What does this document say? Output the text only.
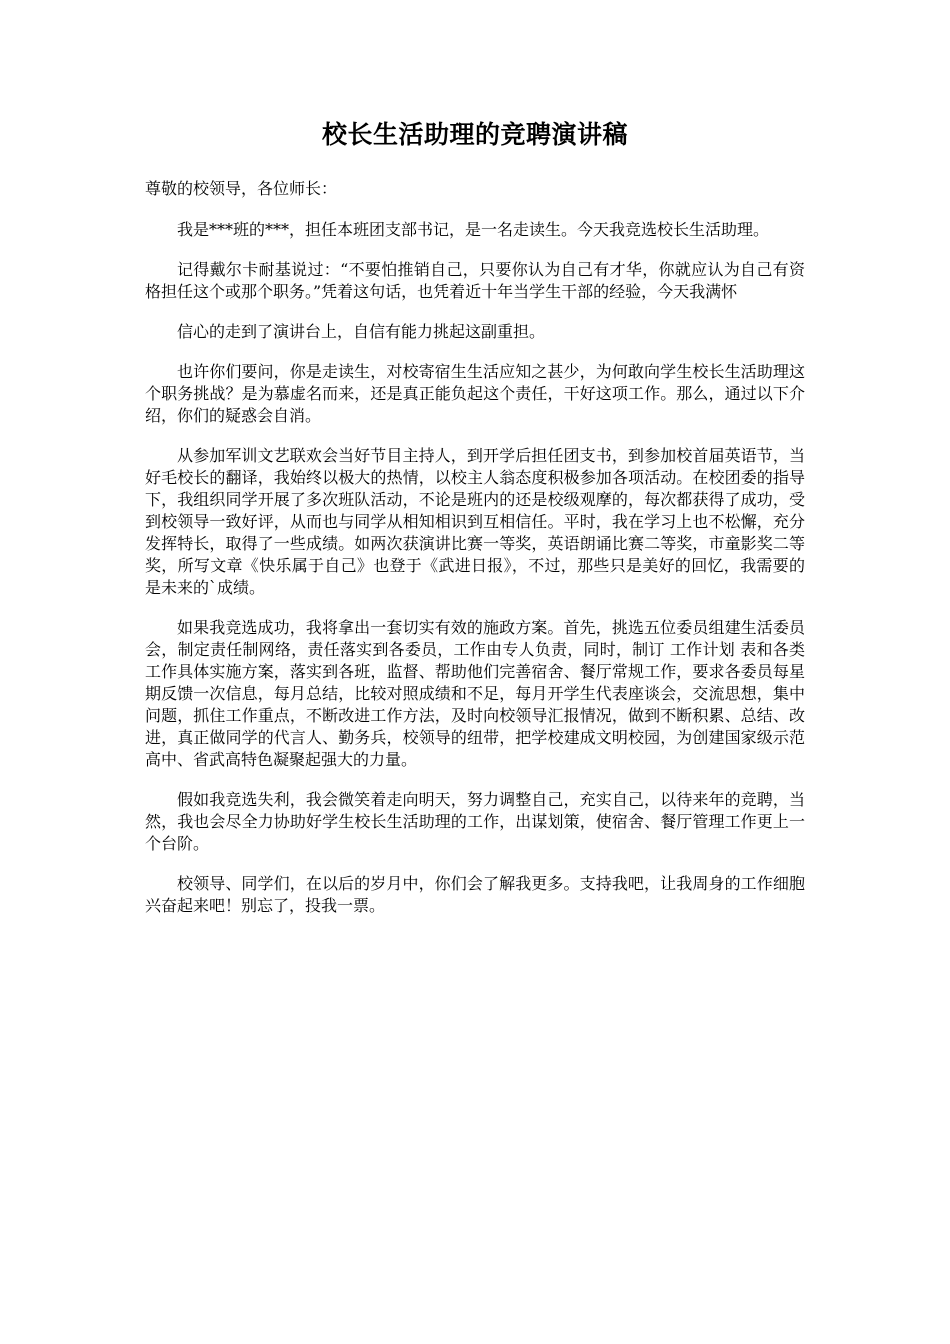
校长生活助理的竞聘演讲稿
尊敬的校领导，各位师长：

我是***班的***，担任本班团支部书记，是一名走读生。今天我竞选校长生活助理。

记得戴尔卡耐基说过：“不要怕推销自己，只要你认为自己有才华，你就应认为自己有资格担任这个或那个职务。”凭着这句话，也凭着近十年当学生干部的经验，今天我满怀

信心的走到了演讲台上，自信有能力挑起这副重担。

也许你们要问，你是走读生，对校寄宿生生活应知之甚少，为何敢向学生校长生活助理这个职务挑战？是为慕虚名而来，还是真正能负起这个责任，干好这项工作。那么，通过以下介绍，你们的疑惑会自消。

从参加军训文艺联欢会当好节目主持人，到开学后担任团支书，到参加校首届英语节，当好毛校长的翻译，我始终以极大的热情，以校主人翁态度积极参加各项活动。在校团委的指导下，我组织同学开展了多次班队活动，不论是班内的还是校级观摩的，每次都获得了成功，受到校领导一致好评，从而也与同学从相知相识到互相信任。平时，我在学习上也不松懈，充分发挥特长，取得了一些成绩。如两次获演讲比赛一等奖，英语朗诵比赛二等奖，市童影奖二等奖，所写文章《快乐属于自己》也登于《武进日报》，不过，那些只是美好的回忆，我需要的是未来的`成绩。

如果我竞选成功，我将拿出一套切实有效的施政方案。首先，挑选五位委员组建生活委员会，制定责任制网络，责任落实到各委员，工作由专人负责，同时，制订 工作计划 表和各类工作具体实施方案，落实到各班，监督、帮助他们完善宿舍、餐厅常规工作，要求各委员每星期反馈一次信息，每月总结，比较对照成绩和不足，每月开学生代表座谈会，交流思想，集中问题，抓住工作重点，不断改进工作方法，及时向校领导汇报情况，做到不断积累、总结、改进，真正做同学的代言人、勤务兵，校领导的纽带，把学校建成文明校园，为创建国家级示范高中、省武高特色凝聚起强大的力量。

假如我竞选失利，我会微笑着走向明天，努力调整自己，充实自己，以待来年的竞聘，当然，我也会尽全力协助好学生校长生活助理的工作，出谋划策，使宿舍、餐厅管理工作更上一个台阶。

校领导、同学们，在以后的岁月中，你们会了解我更多。支持我吧，让我周身的工作细胞兴奋起来吧！别忘了，投我一票。
